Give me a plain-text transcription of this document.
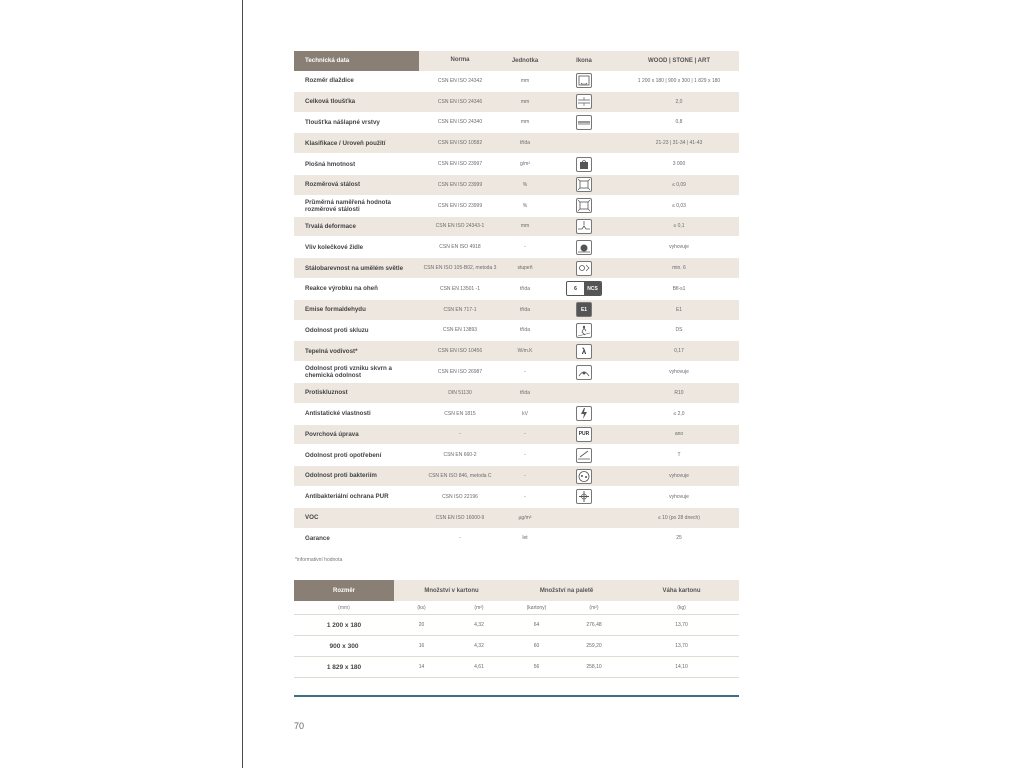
Technická data	Norma	Jednotka	Ikona	WOOD | STONE | ART
Rozměr dlaždice	ČSN EN ISO 24342	mm	1 200 x 180 | 900 x 300 | 1 829 x 180
Celková tloušťka	ČSN EN ISO 24346	mm	2,0
Tloušťka nášlapné vrstvy	ČSN EN ISO 24340	mm	0,8
Klasifikace / Úroveň použití	ČSN EN ISO 10582	třída	21-23 | 31-34 | 41-43
Plošná hmotnost	ČSN EN ISO 23997	g/m²	3 000
Rozměrová stálost	ČSN EN ISO 23999	%	≤ 0,09
Průměrná naměřená hodnota rozměrové stálosti	ČSN EN ISO 23999	%	≤ 0,03
Trvalá deformace	ČSN EN ISO 24343-1	mm	≤ 0,1
Vliv kolečkové židle	ČSN EN ISO 4918	-	vyhovuje
Stálobarevnost na umělém světle	ČSN EN ISO 105-B02, metoda 3	stupeň	min. 6
Reakce výrobku na oheň	ČSN EN 13501 -1	třída	6	NCS	Bfl-s1
Emise formaldehydu	ČSN EN 717-1	třída	E1	E1
Odolnost proti skluzu	ČSN EN 13893	třída	DS
Tepelná vodivost*	ČSN EN ISO 10456	W/m.K	λ	0,17
Odolnost proti vzniku skvrn a chemická odolnost	ČSN EN ISO 26987	-	vyhovuje
Protiskluznost	DIN 51130	třída	R10
Antistatické vlastnosti	ČSN EN 1815	kV	≤ 2,0
Povrchová úprava	-	-	PUR	ano
Odolnost proti opotřebení	ČSN EN 660-2	-	T
Odolnost proti bakteriím	ČSN EN ISO 846, metoda C	-	vyhovuje
Antibakteriální ochrana PUR	ČSN ISO 22196	-	vyhovuje
VOC	ČSN EN ISO 16000-9	µg/m³	≤ 10 (po 28 dnech)
Garance	-	let	25
*informativní hodnota
Rozměr	Množství v kartonu	Množství na paletě	Váha kartonu
(mm)	(ks)	(m²)	(kartony)	(m²)	(kg)
1 200 x 180	20	4,32	64	276,48	13,70
900 x 300	16	4,32	60	259,20	13,70
1 829 x 180	14	4,61	56	258,10	14,10
70
